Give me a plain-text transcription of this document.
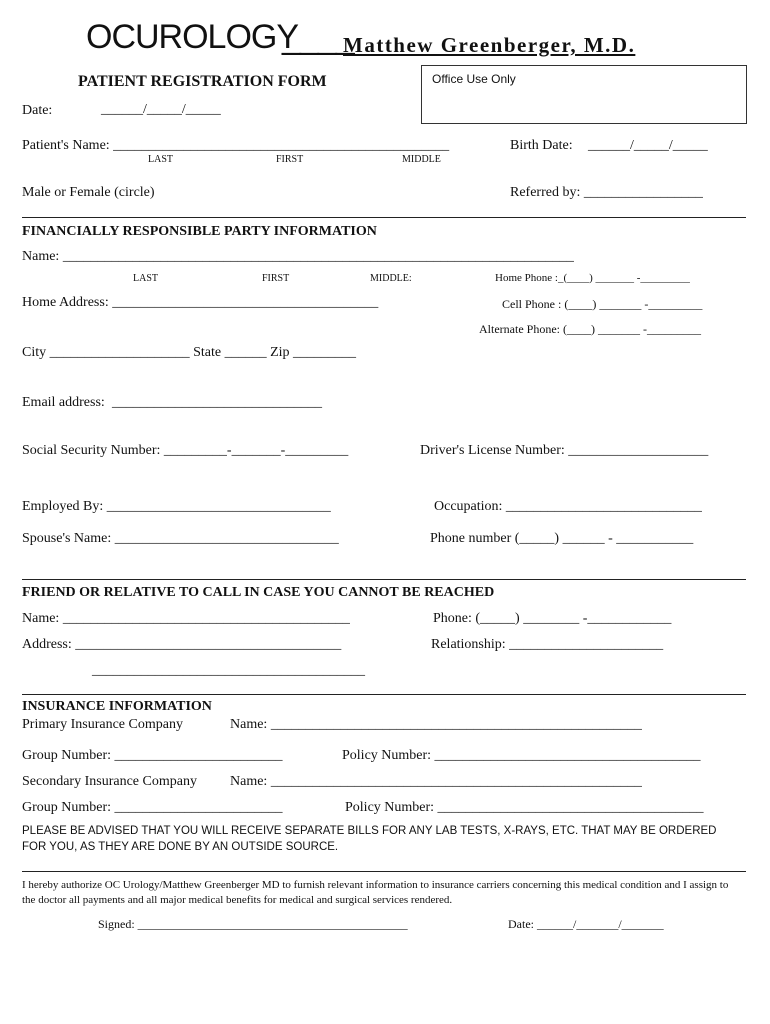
OCUROLOGY
____
Matthew Greenberger, M.D.
PATIENT REGISTRATION FORM	Office Use Only
Date:	______/_____/_____
Patient's Name: ________________________________________________	Birth Date: ______/_____/_____
LAST	FIRST	MIDDLE
Male or Female (circle)	Referred by: _________________
FINANCIALLY RESPONSIBLE PARTY INFORMATION
Name: _________________________________________________________________________
LAST	FIRST	MIDDLE:	Home Phone :_(____) _______ -_________
Home Address: ______________________________________	Cell Phone : (____) _______ -_________
Alternate Phone: (____) _______ -_________
City ____________________ State ______ Zip _________
Email address: ______________________________
Social Security Number: _________-_______-_________	Driver's License Number: ____________________
Employed By: ________________________________	Occupation: ____________________________
Spouse's Name: ________________________________	Phone number (_____) ______ - ___________
FRIEND OR RELATIVE TO CALL IN CASE YOU CANNOT BE REACHED
Name: _________________________________________	Phone: (_____) ________ -____________
Address: ______________________________________	Relationship: ______________________
_______________________________________
INSURANCE INFORMATION
Primary Insurance Company	Name: _____________________________________________________
Group Number: ________________________	Policy Number: ______________________________________
Secondary Insurance Company Name: _____________________________________________________
Group Number: ________________________	Policy Number: ______________________________________
PLEASE BE ADVISED THAT YOU WILL RECEIVE SEPARATE BILLS FOR ANY LAB TESTS, X-RAYS, ETC. THAT MAY BE ORDERED FOR YOU, AS THEY ARE DONE BY AN OUTSIDE SOURCE.
I hereby authorize OC Urology/Matthew Greenberger MD to furnish relevant information to insurance carriers concerning this medical condition and I assign to the doctor all payments and all major medical benefits for medical and surgical services rendered.
Signed: _____________________________________________	Date: ______/_______/_______
